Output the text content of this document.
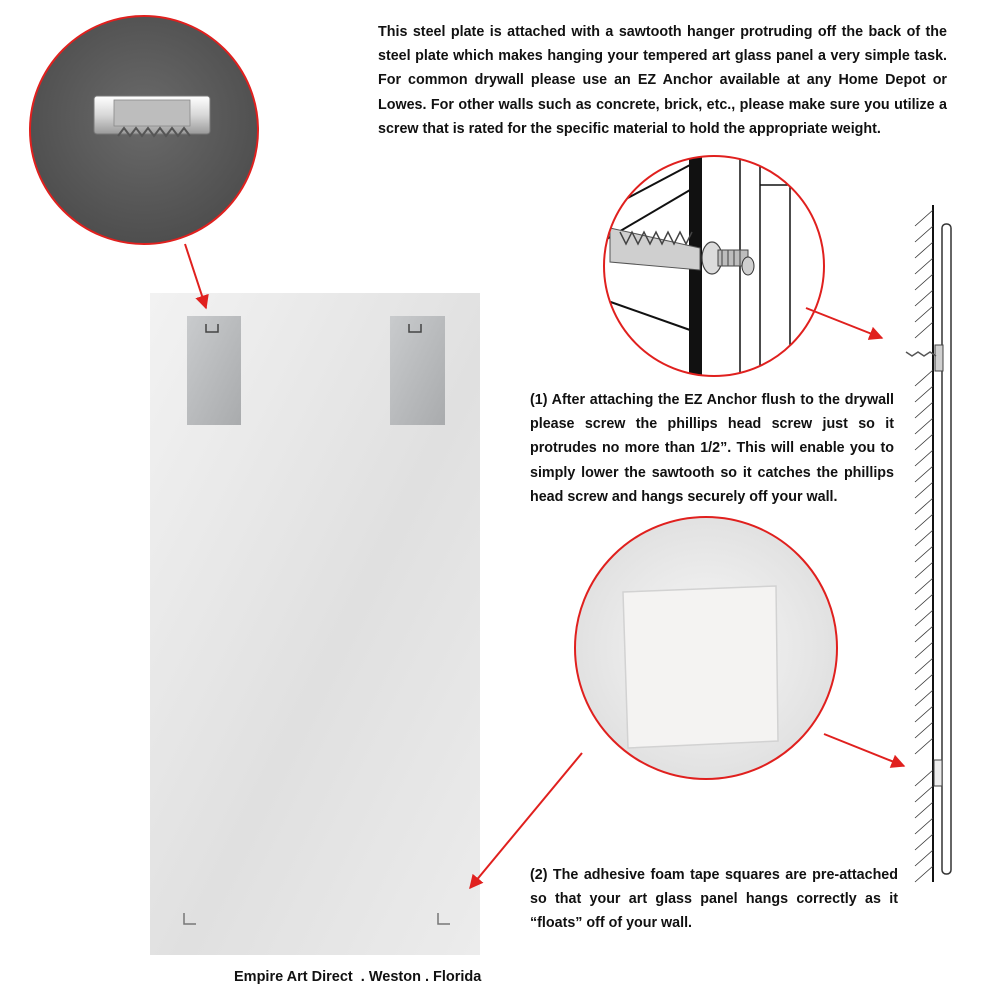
This steel plate is attached with a sawtooth hanger protruding off the back of the steel plate which makes hanging your tempered art glass panel a very simple task. For common drywall please use an EZ Anchor available at any Home Depot or Lowes. For other walls such as concrete, brick, etc., please make sure you utilize a screw that is rated for the specific material to hold the appropriate weight.

(1) After attaching the EZ Anchor flush to the drywall please screw the phillips head screw just so it protrudes no more than 1/2”. This will enable you to simply lower the sawtooth so it catches the phillips head screw and hangs securely off your wall.

(2) The adhesive foam tape squares are pre-attached so that your art glass panel hangs correctly as it “floats” off of your wall.

Empire Art Direct  . Weston . Florida
